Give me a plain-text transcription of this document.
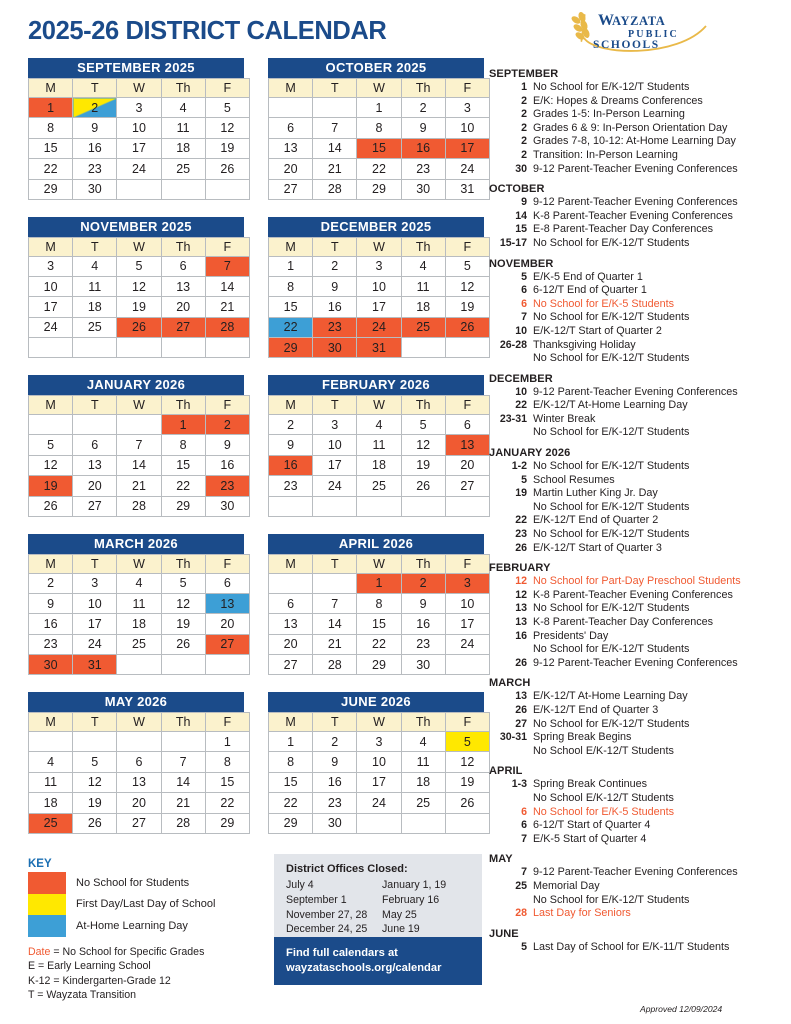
2025-26 DISTRICT CALENDAR	W
AYZATA
PUBLIC
SCHOOLS
SEPTEMBER 2025
M	T	W	Th	F
1	2	3	4	5
8	9	10	11	12
15	16	17	18	19
22	23	24	25	26
29	30			
OCTOBER 2025
M	T	W	Th	F
		1	2	3
6	7	8	9	10
13	14	15	16	17
20	21	22	23	24
27	28	29	30	31
NOVEMBER 2025
M	T	W	Th	F
3	4	5	6	7
10	11	12	13	14
17	18	19	20	21
24	25	26	27	28

DECEMBER 2025
M	T	W	Th	F
1	2	3	4	5
8	9	10	11	12
15	16	17	18	19
22	23	24	25	26
29	30	31		
JANUARY 2026
M	T	W	Th	F
			1	2
5	6	7	8	9
12	13	14	15	16
19	20	21	22	23
26	27	28	29	30
FEBRUARY 2026
M	T	W	Th	F
2	3	4	5	6
9	10	11	12	13
16	17	18	19	20
23	24	25	26	27

MARCH 2026
M	T	W	Th	F
2	3	4	5	6
9	10	11	12	13
16	17	18	19	20
23	24	25	26	27
30	31			
APRIL 2026
M	T	W	Th	F
		1	2	3
6	7	8	9	10
13	14	15	16	17
20	21	22	23	24
27	28	29	30	
MAY 2026
M	T	W	Th	F
				1
4	5	6	7	8
11	12	13	14	15
18	19	20	21	22
25	26	27	28	29
JUNE 2026
M	T	W	Th	F
1	2	3	4	5
8	9	10	11	12
15	16	17	18	19
22	23	24	25	26
29	30			
SEPTEMBER
1 No School for E/K-12/T Students
2 E/K: Hopes & Dreams Conferences
2 Grades 1-5: In-Person Learning
2 Grades 6 & 9: In-Person Orientation Day
2 Grades 7-8, 10-12: At-Home Learning Day
2 Transition: In-Person Learning
30 9-12 Parent-Teacher Evening Conferences
OCTOBER
9 9-12 Parent-Teacher Evening Conferences
14 K-8 Parent-Teacher Evening Conferences
15 E-8 Parent-Teacher Day Conferences
15-17 No School for E/K-12/T Students
NOVEMBER
5 E/K-5 End of Quarter 1
6 6-12/T End of Quarter 1
6 No School for E/K-5 Students
7 No School for E/K-12/T Students
10 E/K-12/T Start of Quarter 2
26-28 Thanksgiving Holiday
No School for E/K-12/T Students
DECEMBER
10 9-12 Parent-Teacher Evening Conferences
22 E/K-12/T At-Home Learning Day
23-31 Winter Break
No School for E/K-12/T Students
JANUARY 2026
1-2 No School for E/K-12/T Students
5 School Resumes
19 Martin Luther King Jr. Day
No School for E/K-12/T Students
22 E/K-12/T End of Quarter 2
23 No School for E/K-12/T Students
26 E/K-12/T Start of Quarter 3
FEBRUARY
12 No School for Part-Day Preschool Students
12 K-8 Parent-Teacher Evening Conferences
13 No School for E/K-12/T Students
13 K-8 Parent-Teacher Day Conferences
16 Presidents' Day
No School for E/K-12/T Students
26 9-12 Parent-Teacher Evening Conferences
MARCH
13 E/K-12/T At-Home Learning Day
26 E/K-12/T End of Quarter 3
27 No School for E/K-12/T Students
30-31 Spring Break Begins
No School E/K-12/T Students
APRIL
1-3 Spring Break Continues
No School E/K-12/T Students
6 No School for E/K-5 Students
6 6-12/T Start of Quarter 4
7 E/K-5 Start of Quarter 4
MAY
7 9-12 Parent-Teacher Evening Conferences
25 Memorial Day
No School for E/K-12/T Students
28 Last Day for Seniors
JUNE
5 Last Day of School for E/K-11/T Students
KEY
No School for Students
First Day/Last Day of School
At-Home Learning Day
Date = No School for Specific Grades
E = Early Learning School
K-12 = Kindergarten-Grade 12
T = Wayzata Transition
District Offices Closed:
July 4	January 1, 19
September 1	February 16
November 27, 28	May 25
December 24, 25	June 19
Find full calendars at
wayzataschools.org/calendar
Approved 12/09/2024
